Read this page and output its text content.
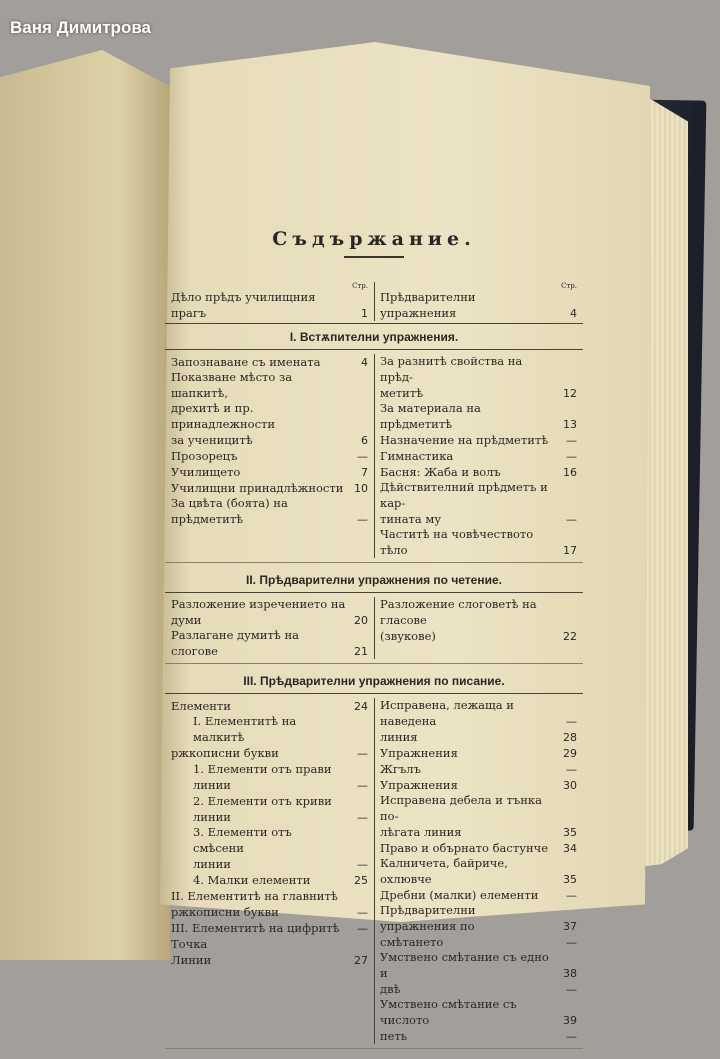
Ваня Димитрова
Съдържание.
Стр.
Дѣло прѣдъ училищния прагъ	1
Стр.
Прѣдварителни упражнения	4
I. Встѫпителни упражнения.
Запознаване съ имената	4
Показване мѣсто за шапкитѣ,
дрехитѣ и пр. принадлежности
за ученицитѣ	6
Прозорецъ	—
Училището	7
Училищни принадлѣжности 10
За цвѣта (боята) на прѣдметитѣ	—
За разнитѣ свойства на прѣд-
метитѣ	12
За материала на прѣдметитѣ	13
Назначение на прѣдметитѣ	—
Гимнастика	—
Басня: Жаба и волъ	16
Дѣйствителний прѣдметъ и кар-
тината му	—
Частитѣ на човѣчеството тѣло	17
II. Прѣдварителни упражнения по четение.
Разложение изречението на думи	20
Разлагане думитѣ на слогове	21
Разложение слоговетѣ на гласове
(звукове)	22
III. Прѣдварителни упражнения по писание.
Елементи	24
I. Елементитѣ на малкитѣ
ржкописни букви	—
1. Елементи отъ прави
линии	—
2. Елементи отъ криви
линии	—
3. Елементи отъ смѣсени
линии	—
4. Малки елементи	25
II. Елементитѣ на главнитѣ
ржкописни букви	—
III. Елементитѣ на цифритѣ	—
Точка
Линии	27
Исправена, лежаща и наведена	—
линия	28
Упражнения	29
Жгълъ	—
Упражнения	30
Исправена дебела и тънка по-
лѣгата линия	35
Право и обърнато бастунче	34
Калничета, байриче, охлювче	35
Дребни (малки) елементи	—
Прѣдварителни упражнения по	37
смѣтането	—
Умствено смѣтание съ едно и	38
двѣ	—
Умствено смѣтание съ числото	39
петь	—
